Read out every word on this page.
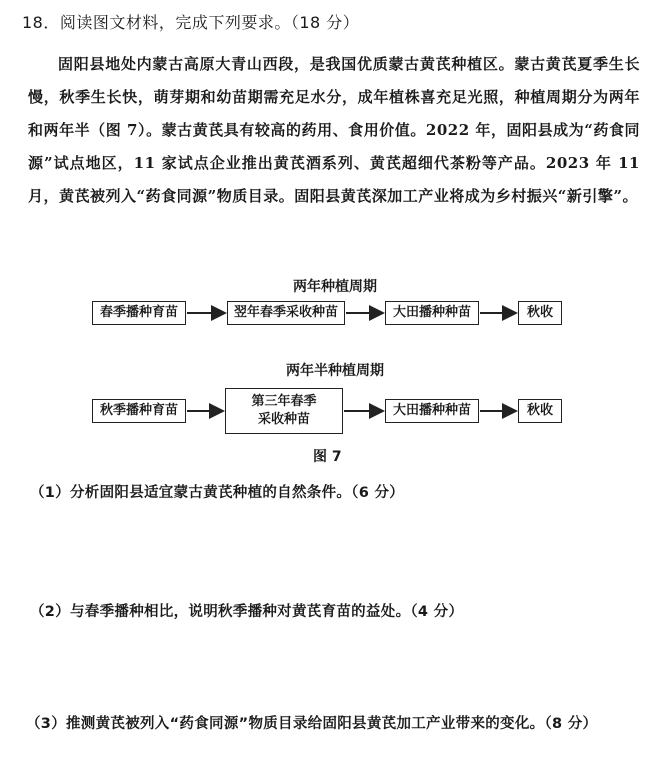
18．阅读图文材料，完成下列要求。（18 分）
固阳县地处内蒙古高原大青山西段，是我国优质蒙古黄芪种植区。蒙古黄芪夏季生长慢，秋季生长快，萌芽期和幼苗期需充足水分，成年植株喜充足光照，种植周期分为两年和两年半（图 7）。蒙古黄芪具有较高的药用、食用价值。2022 年，固阳县成为“药食同源”试点地区，11 家试点企业推出黄芪酒系列、黄芪超细代茶粉等产品。2023 年 11 月，黄芪被列入“药食同源”物质目录。固阳县黄芪深加工产业将成为乡村振兴“新引擎”。
两年种植周期
春季播种育苗	翌年春季采收种苗	大田播种种苗	秋收
两年半种植周期
秋季播种育苗
第三年春季采收种苗
大田播种种苗	秋收
图 7
（1）分析固阳县适宜蒙古黄芪种植的自然条件。（6 分）
（2）与春季播种相比，说明秋季播种对黄芪育苗的益处。（4 分）
（3）推测黄芪被列入“药食同源”物质目录给固阳县黄芪加工产业带来的变化。（8 分）
